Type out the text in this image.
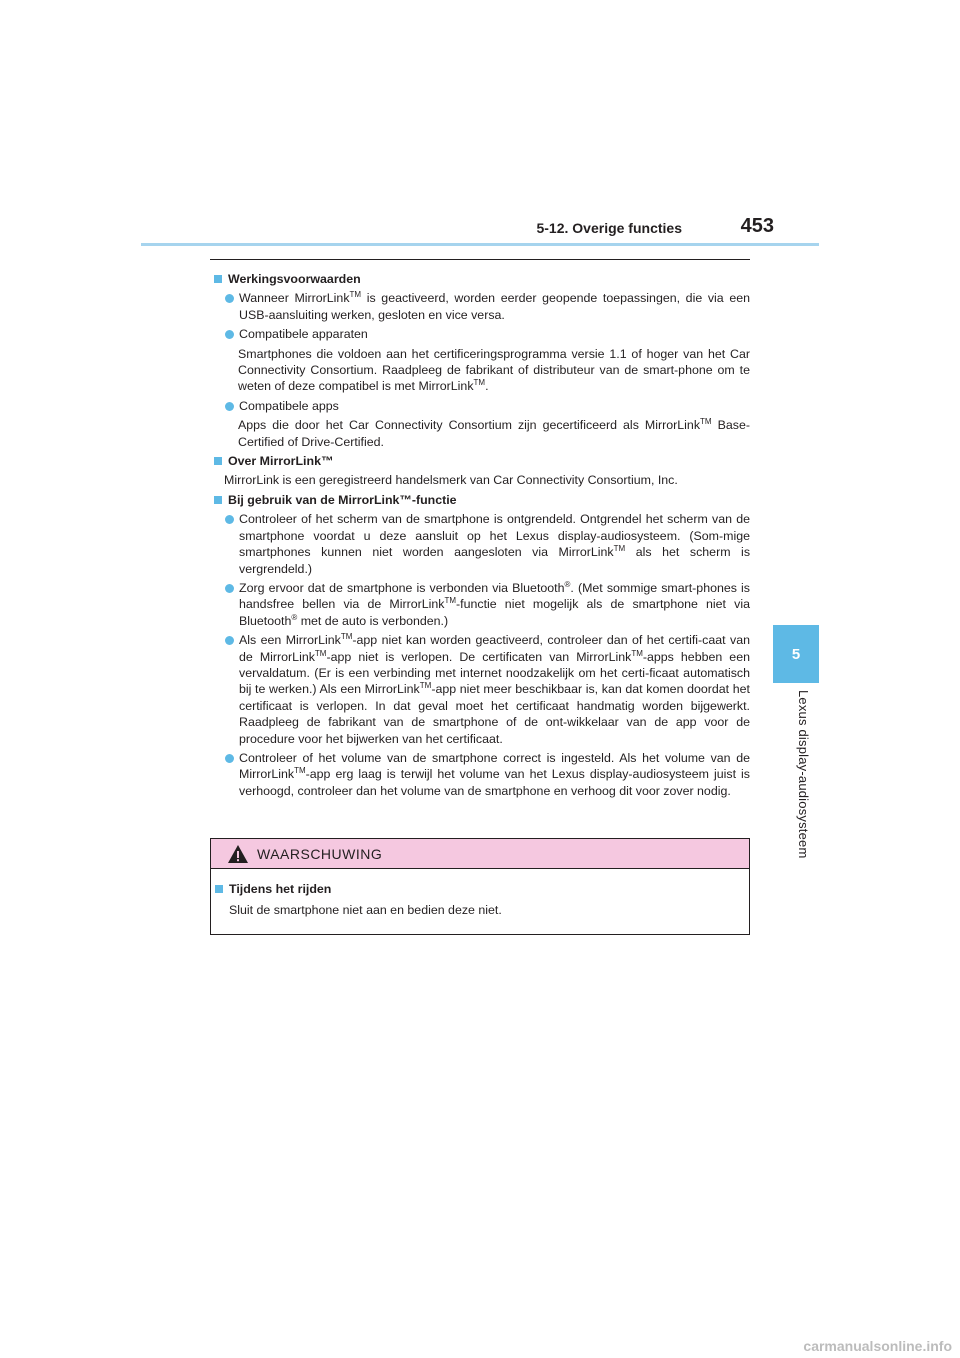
5-12. Overige functies	453
5
Lexus display-audiosysteem
Werkingsvoorwaarden
Wanneer MirrorLink™ is geactiveerd, worden eerder geopende toepassingen, die via een USB-aansluiting werken, gesloten en vice versa.
Compatibele apparaten
Smartphones die voldoen aan het certificeringsprogramma versie 1.1 of hoger van het Car Connectivity Consortium. Raadpleeg de fabrikant of distributeur van de smart-phone om te weten of deze compatibel is met MirrorLink™.
Compatibele apps
Apps die door het Car Connectivity Consortium zijn gecertificeerd als MirrorLink™ Base-Certified of Drive-Certified.
Over MirrorLink™
MirrorLink is een geregistreerd handelsmerk van Car Connectivity Consortium, Inc.
Bij gebruik van de MirrorLink™-functie
Controleer of het scherm van de smartphone is ontgrendeld. Ontgrendel het scherm van de smartphone voordat u deze aansluit op het Lexus display-audiosysteem. (Som-mige smartphones kunnen niet worden aangesloten via MirrorLink™ als het scherm is vergrendeld.)
Zorg ervoor dat de smartphone is verbonden via Bluetooth®. (Met sommige smart-phones is handsfree bellen via de MirrorLink™-functie niet mogelijk als de smartphone niet via Bluetooth® met de auto is verbonden.)
Als een MirrorLink™-app niet kan worden geactiveerd, controleer dan of het certifi-caat van de MirrorLink™-app niet is verlopen. De certificaten van MirrorLink™-apps hebben een vervaldatum. (Er is een verbinding met internet noodzakelijk om het certi-ficaat automatisch bij te werken.) Als een MirrorLink™-app niet meer beschikbaar is, kan dat komen doordat het certificaat is verlopen. In dat geval moet het certificaat handmatig worden bijgewerkt. Raadpleeg de fabrikant van de smartphone of de ont-wikkelaar van de app voor de procedure voor het bijwerken van het certificaat.
Controleer of het volume van de smartphone correct is ingesteld. Als het volume van de MirrorLink™-app erg laag is terwijl het volume van het Lexus display-audiosysteem juist is verhoogd, controleer dan het volume van de smartphone en verhoog dit voor zover nodig.
WAARSCHUWING
Tijdens het rijden
Sluit de smartphone niet aan en bedien deze niet.
carmanualsonline.info
